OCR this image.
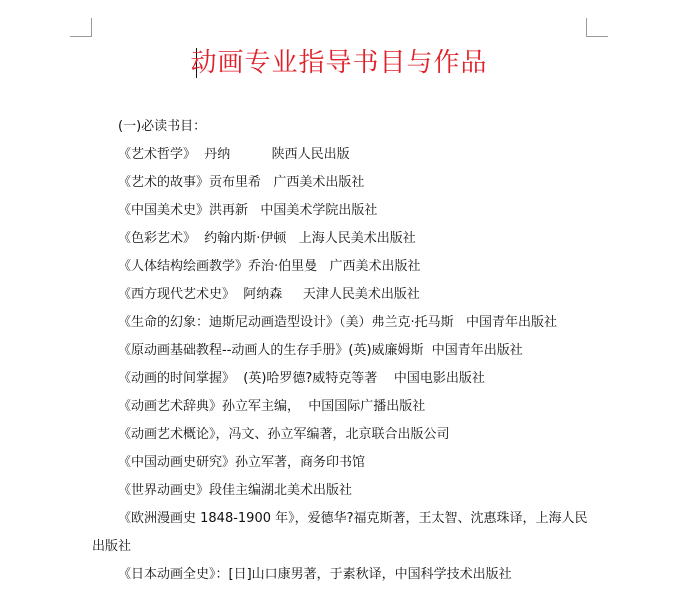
动画专业指导书目与作品

(一)必读书目：

《艺术哲学》  丹纳          陕西人民出版

《艺术的故事》贡布里希   广西美术出版社

《中国美术史》洪再新   中国美术学院出版社

《色彩艺术》  约翰内斯·伊顿   上海人民美术出版社

《人体结构绘画教学》乔治·伯里曼   广西美术出版社

《西方现代艺术史》  阿纳森     天津人民美术出版社

《生命的幻象：迪斯尼动画造型设计》（美）弗兰克·托马斯   中国青年出版社

《原动画基础教程--动画人的生存手册》(英)威廉姆斯  中国青年出版社

《动画的时间掌握》  (英)哈罗德?威特克等著    中国电影出版社

《动画艺术辞典》孙立军主编，  中国国际广播出版社

《动画艺术概论》，冯文、孙立军编著，北京联合出版公司

《中国动画史研究》孙立军著，商务印书馆

《世界动画史》段佳主编湖北美术出版社

《欧洲漫画史 1848-1900 年》，爱德华?福克斯著，王太智、沈惠珠译，上海人民出版社

《日本动画全史》：[日]山口康男著，于素秋译，中国科学技术出版社
